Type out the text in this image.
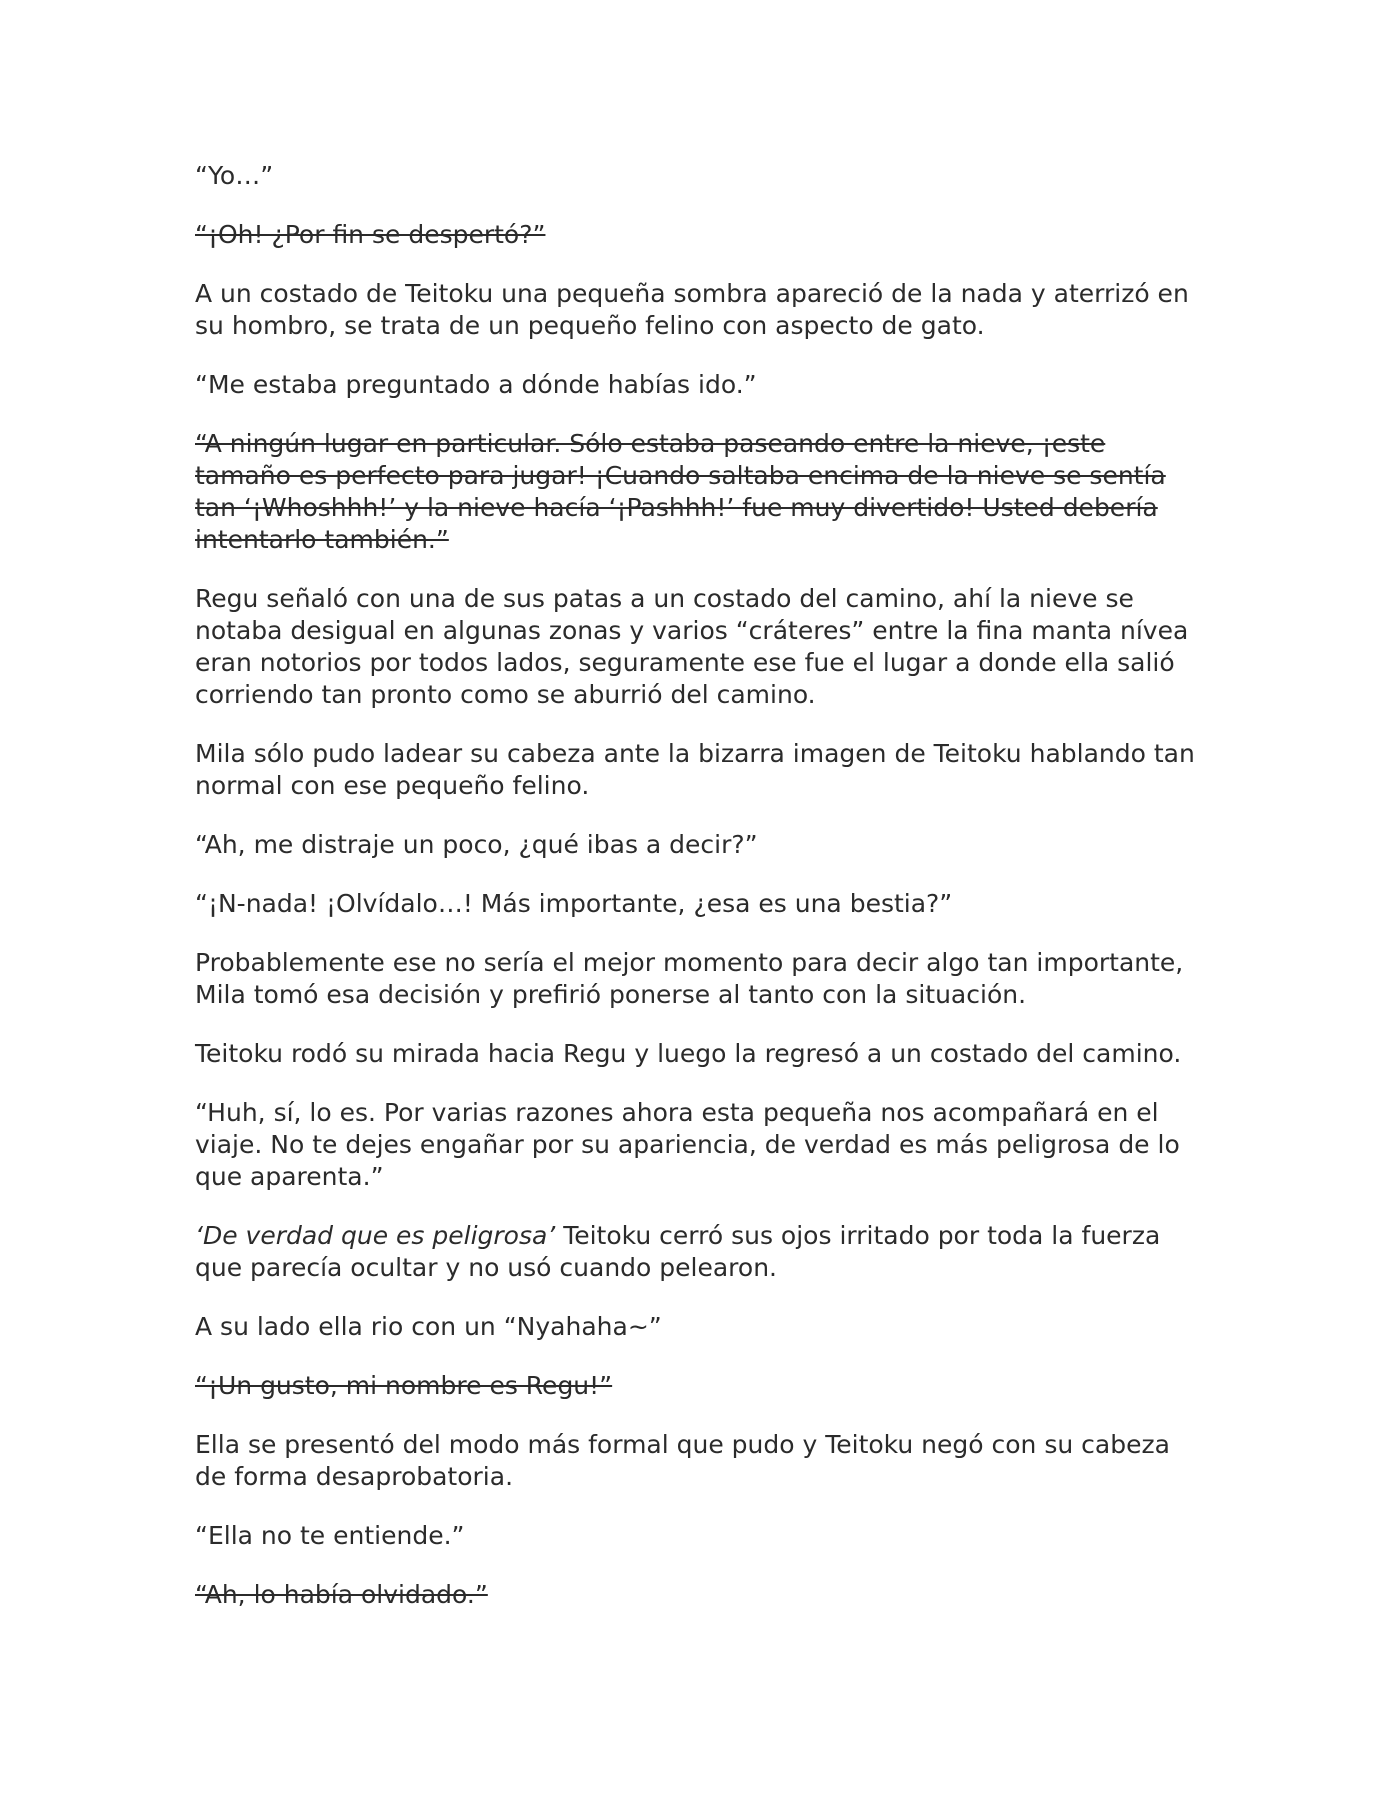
“Yo…”

“¡Oh! ¿Por fin se despertó?”

A un costado de Teitoku una pequeña sombra apareció de la nada y aterrizó en su hombro, se trata de un pequeño felino con aspecto de gato.

“Me estaba preguntado a dónde habías ido.”

“A ningún lugar en particular. Sólo estaba paseando entre la nieve, ¡este tamaño es perfecto para jugar! ¡Cuando saltaba encima de la nieve se sentía tan ‘¡Whoshhh!’ y la nieve hacía ‘¡Pashhh!’ fue muy divertido! Usted debería intentarlo también.”

Regu señaló con una de sus patas a un costado del camino, ahí la nieve se notaba desigual en algunas zonas y varios “cráteres” entre la fina manta nívea eran notorios por todos lados, seguramente ese fue el lugar a donde ella salió corriendo tan pronto como se aburrió del camino.

Mila sólo pudo ladear su cabeza ante la bizarra imagen de Teitoku hablando tan normal con ese pequeño felino.

“Ah, me distraje un poco, ¿qué ibas a decir?”

“¡N-nada! ¡Olvídalo…! Más importante, ¿esa es una bestia?”

Probablemente ese no sería el mejor momento para decir algo tan importante, Mila tomó esa decisión y prefirió ponerse al tanto con la situación.

Teitoku rodó su mirada hacia Regu y luego la regresó a un costado del camino.

“Huh, sí, lo es. Por varias razones ahora esta pequeña nos acompañará en el viaje. No te dejes engañar por su apariencia, de verdad es más peligrosa de lo que aparenta.”

‘De verdad que es peligrosa’ Teitoku cerró sus ojos irritado por toda la fuerza que parecía ocultar y no usó cuando pelearon.

A su lado ella rio con un “Nyahaha~”

“¡Un gusto, mi nombre es Regu!”

Ella se presentó del modo más formal que pudo y Teitoku negó con su cabeza de forma desaprobatoria.

“Ella no te entiende.”

“Ah, lo había olvidado.”
